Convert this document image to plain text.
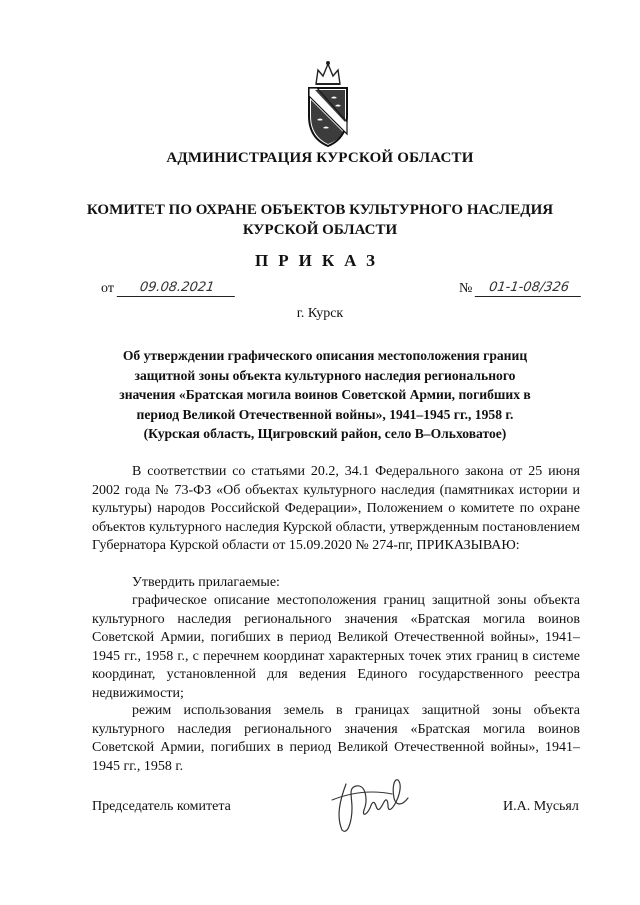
АДМИНИСТРАЦИЯ КУРСКОЙ ОБЛАСТИ
КОМИТЕТ ПО ОХРАНЕ ОБЪЕКТОВ КУЛЬТУРНОГО НАСЛЕДИЯ
КУРСКОЙ ОБЛАСТИ
ПРИКАЗ
от	09.08.2021	№	01-1-08/326
г. Курск
Об утверждении графического описания местоположения границ защитной зоны объекта культурного наследия регионального значения «Братская могила воинов Советской Армии, погибших в период Великой Отечественной войны», 1941–1945 гг., 1958 г. (Курская область, Щигровский район, село В–Ольховатое)
В соответствии со статьями 20.2, 34.1 Федерального закона от 25 июня 2002 года № 73-ФЗ «Об объектах культурного наследия (памятниках истории и культуры) народов Российской Федерации», Положением о комитете по охране объектов культурного наследия Курской области, утвержденным постановлением Губернатора Курской области от 15.09.2020 № 274-пг, ПРИКАЗЫВАЮ:
Утвердить прилагаемые:
графическое описание местоположения границ защитной зоны объекта культурного наследия регионального значения «Братская могила воинов Советской Армии, погибших в период Великой Отечественной войны», 1941–1945 гг., 1958 г., с перечнем координат характерных точек этих границ в системе координат, установленной для ведения Единого государственного реестра недвижимости;
режим использования земель в границах защитной зоны объекта культурного наследия регионального значения «Братская могила воинов Советской Армии, погибших в период Великой Отечественной войны», 1941–1945 гг., 1958 г.
Председатель комитета	И.А. Мусьял
